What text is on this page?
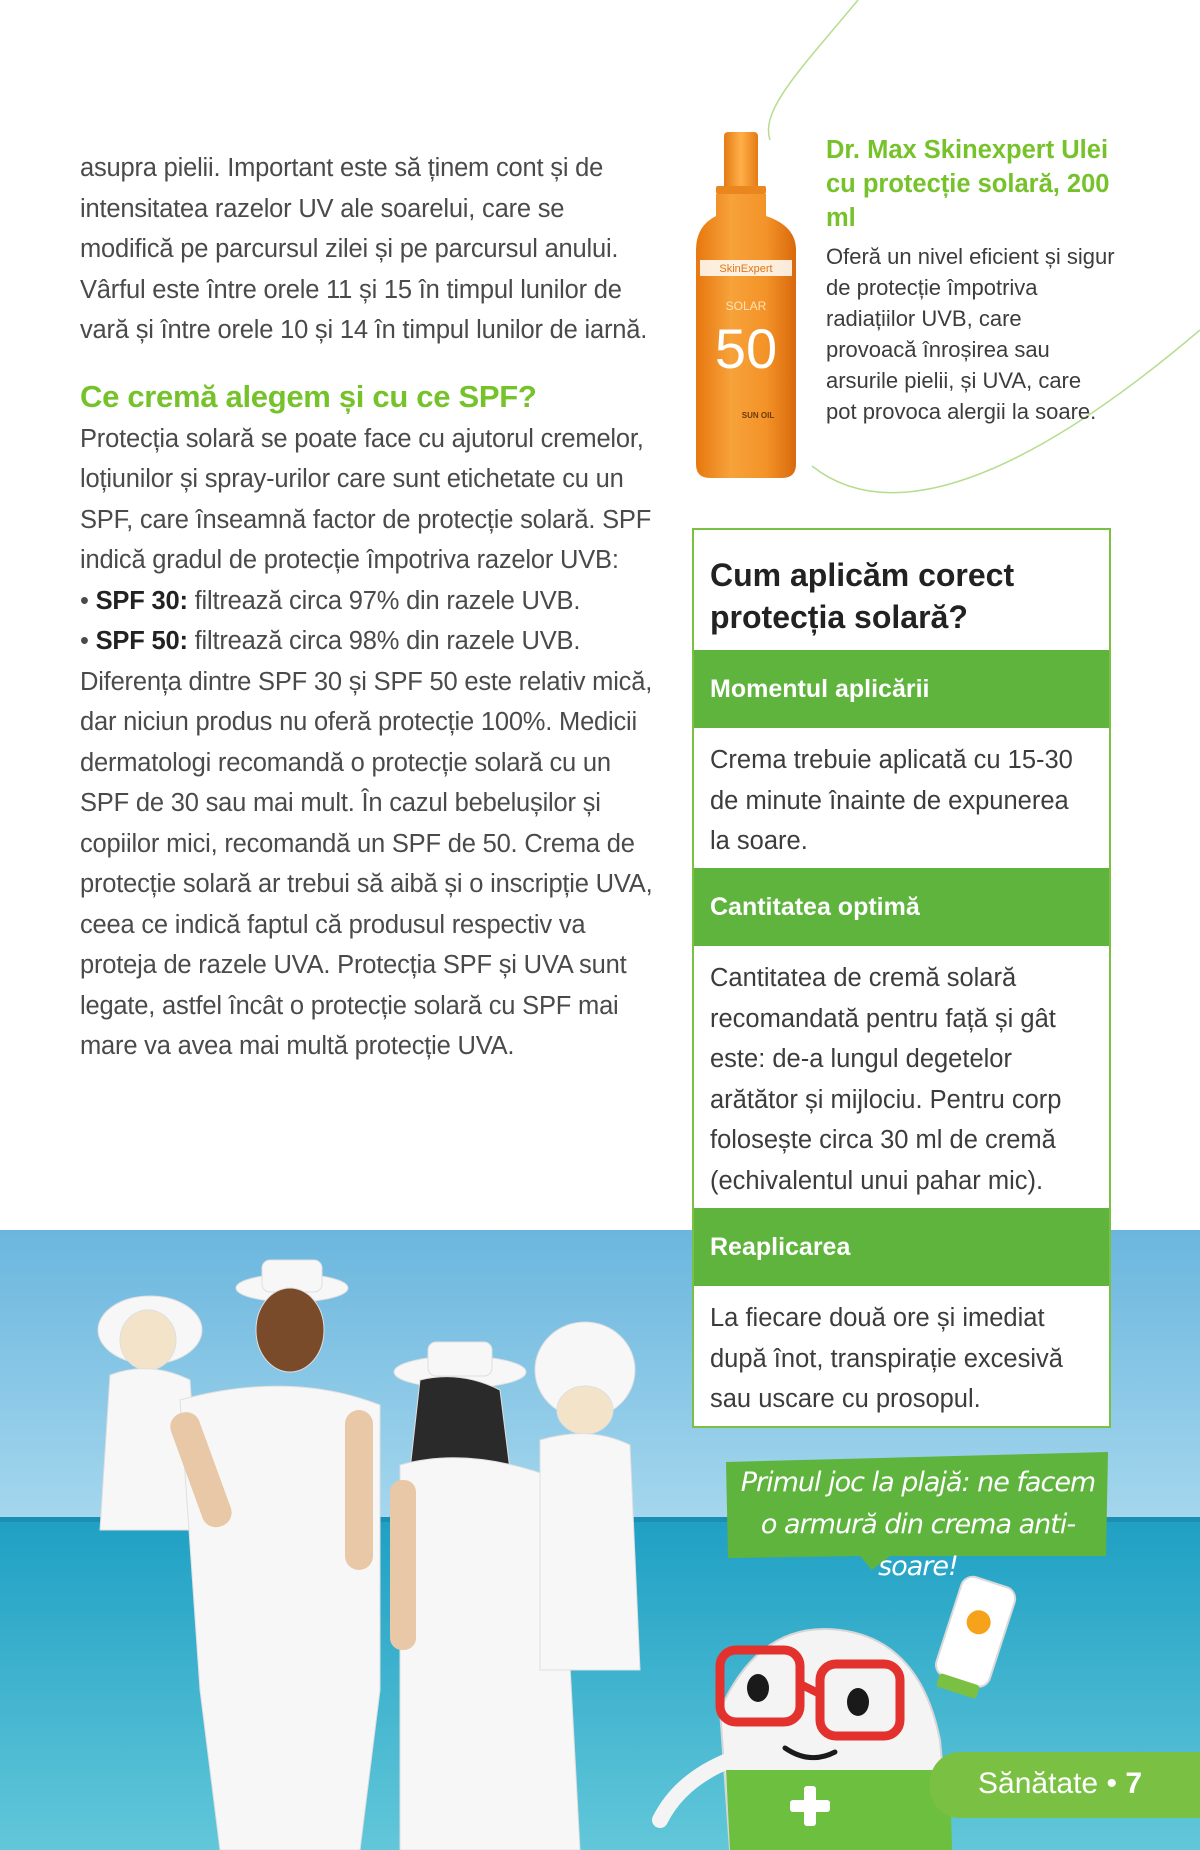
asupra pielii. Important este să ținem cont și de intensitatea razelor UV ale soarelui, care se modifică pe parcursul zilei și pe parcursul anului. Vârful este între orele 11 și 15 în timpul lunilor de vară și între orele 10 și 14 în timpul lunilor de iarnă.

Ce cremă alegem și cu ce SPF?

Protecția solară se poate face cu ajutorul cremelor, loțiunilor și spray-urilor care sunt etichetate cu un SPF, care înseamnă factor de protecție solară. SPF indică gradul de protecție împotriva razelor UVB:

• SPF 30: filtrează circa 97% din razele UVB.
• SPF 50: filtrează circa 98% din razele UVB.

Diferența dintre SPF 30 și SPF 50 este relativ mică, dar niciun produs nu oferă protecție 100%. Medicii dermatologi recomandă o protecție solară cu un SPF de 30 sau mai mult. În cazul bebelușilor și copiilor mici, recomandă un SPF de 50. Crema de protecție solară ar trebui să aibă și o inscripție UVA, ceea ce indică faptul că produsul respectiv va proteja de razele UVA. Protecția SPF și UVA sunt legate, astfel încât o protecție solară cu SPF mai mare va avea mai multă protecție UVA.

SkinExpert
SOLAR
50
SUN OIL
Dr. Max Skinexpert Ulei cu protecție solară, 200 ml
Oferă un nivel eficient și sigur de protecție împotriva radiațiilor UVB, care provoacă înroșirea sau arsurile pielii, și UVA, care pot provoca alergii la soare.
Cum aplicăm corect protecția solară?
Momentul aplicării
Crema trebuie aplicată cu 15-30 de minute înainte de expunerea la soare.
Cantitatea optimă
Cantitatea de cremă solară recomandată pentru față și gât este: de-a lungul degetelor arătător și mijlociu. Pentru corp folosește circa 30 ml de cremă (echivalentul unui pahar mic).
Reaplicarea
La fiecare două ore și imediat după înot, transpirație excesivă sau uscare cu prosopul.
Primul joc la plajă: ne facem o armură din crema anti-soare!
Sănătate • 7
